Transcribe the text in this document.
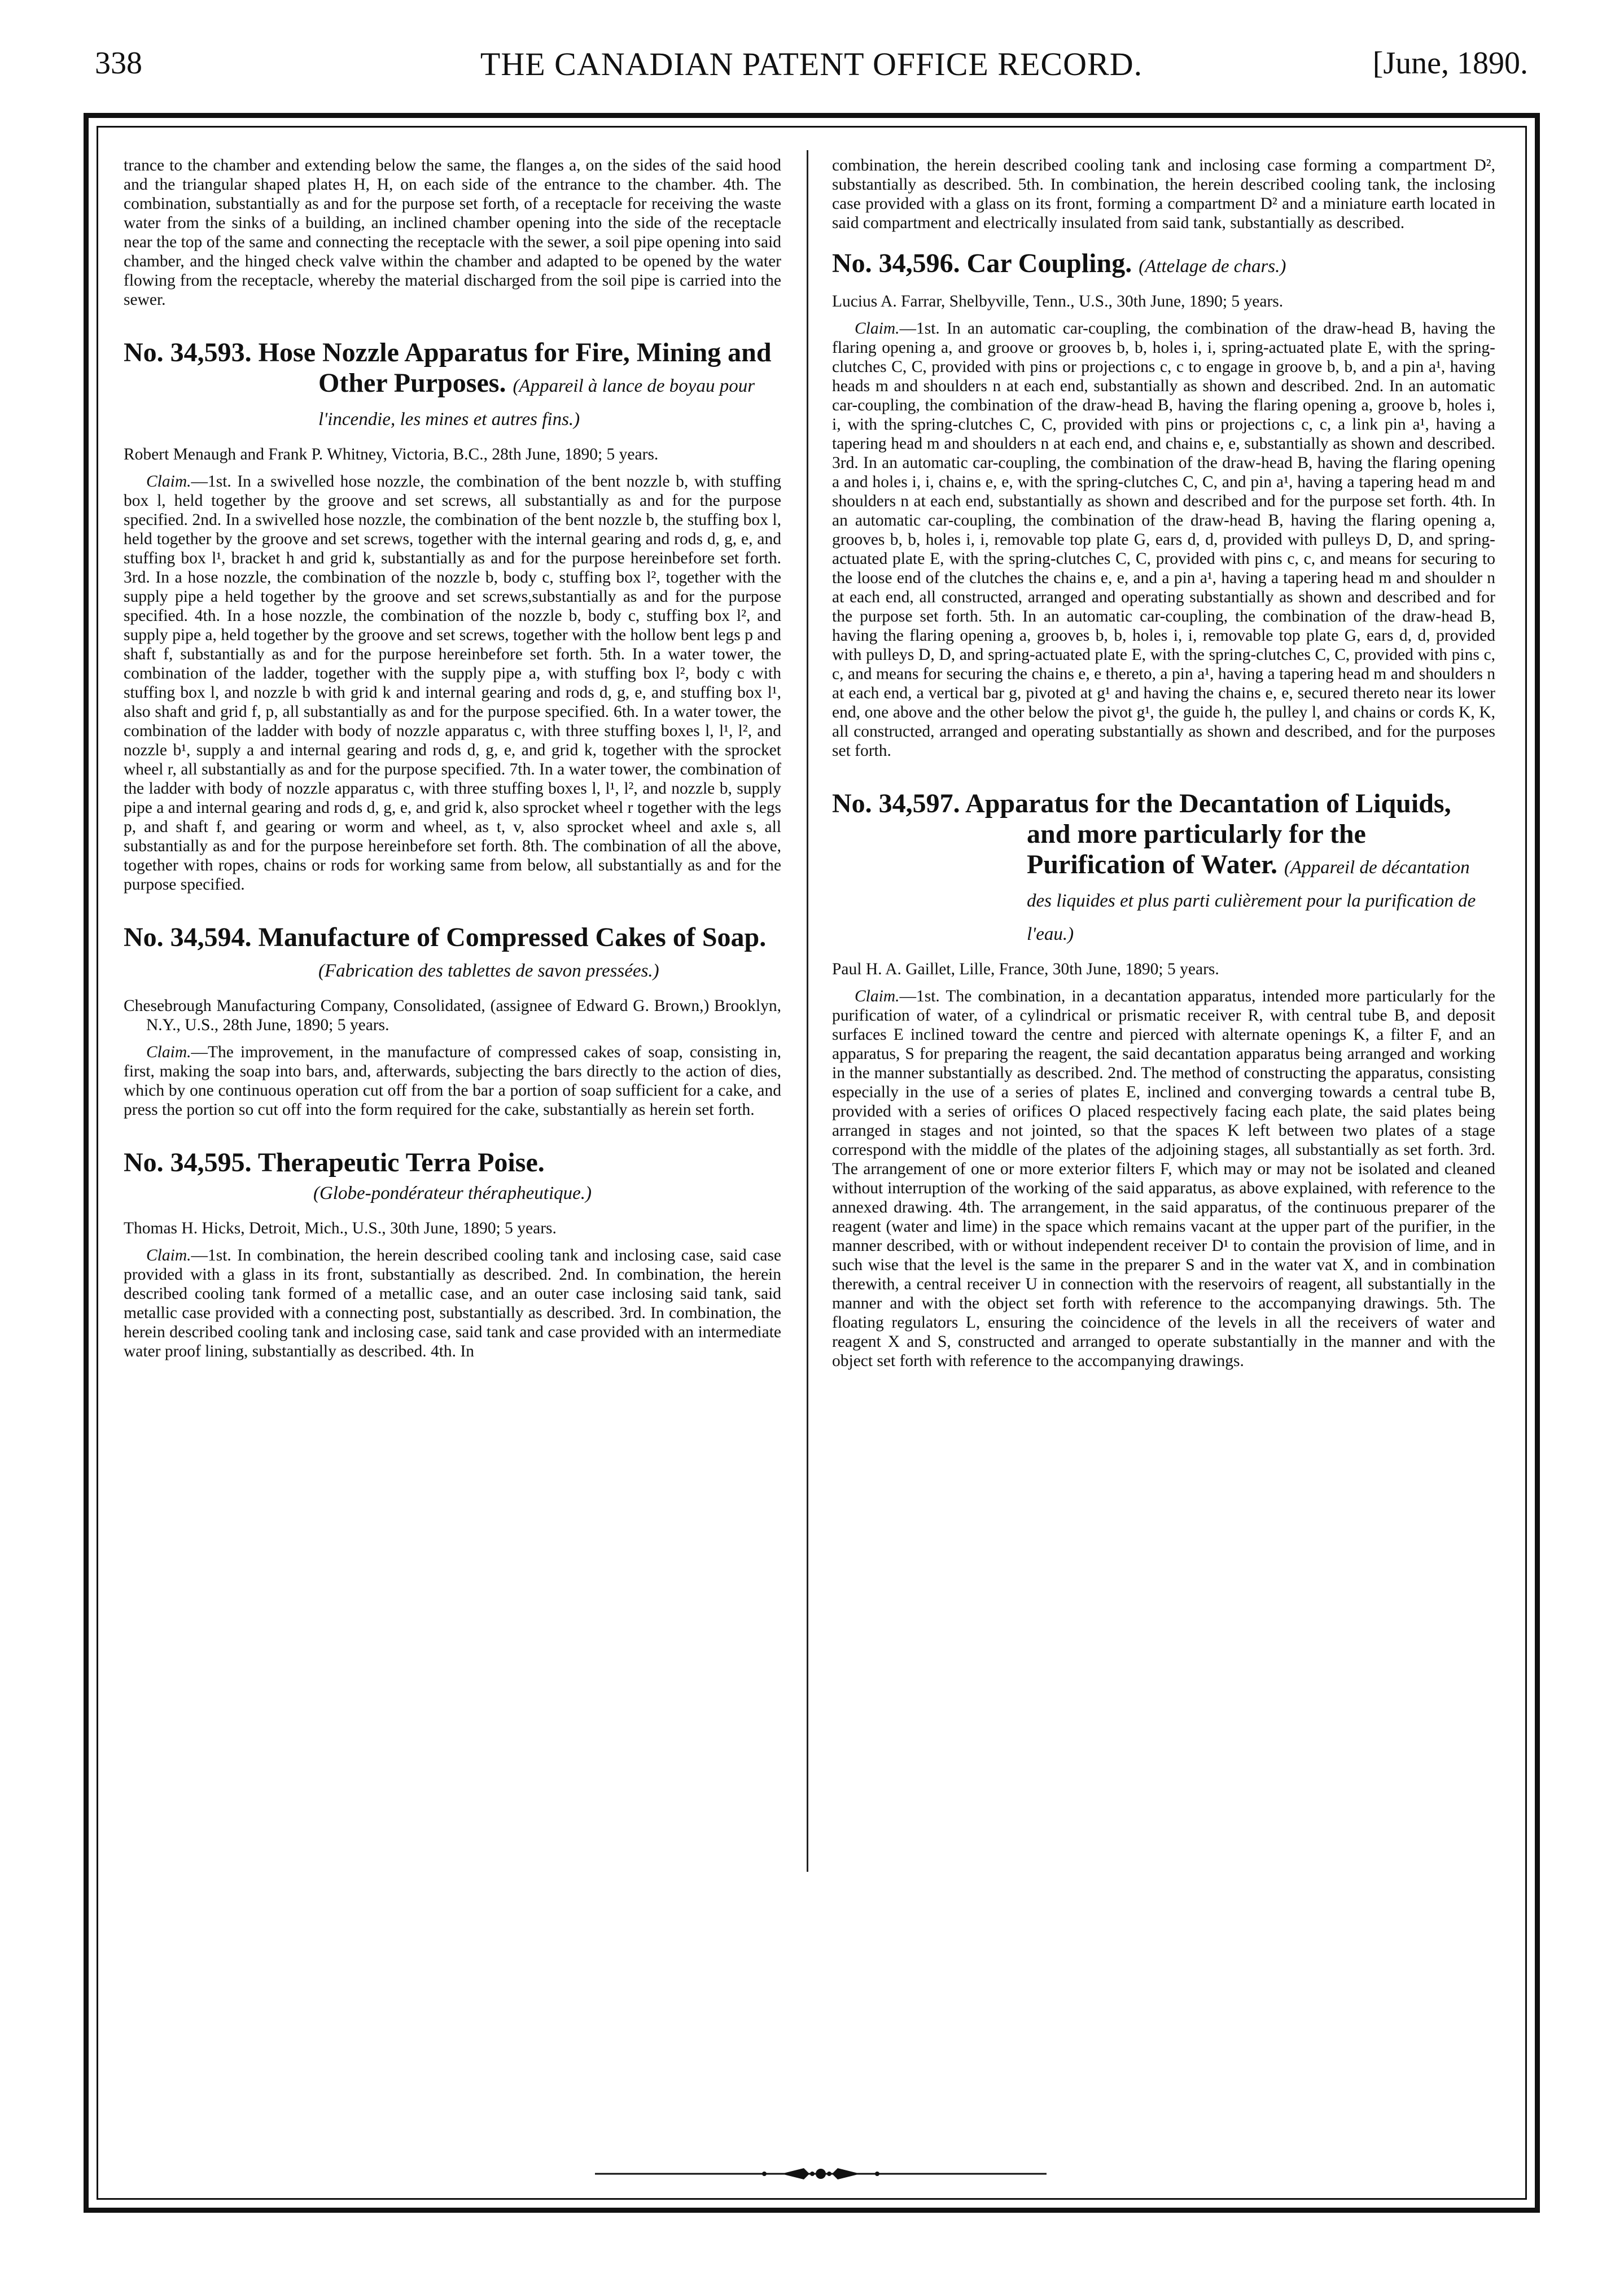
338	THE CANADIAN PATENT OFFICE RECORD.	[June, 1890.

trance to the chamber and extending below the same, the flanges a, on the sides of the said hood and the triangular shaped plates H, H, on each side of the entrance to the chamber. 4th. The combination, substantially as and for the purpose set forth, of a receptacle for receiving the waste water from the sinks of a building, an inclined chamber opening into the side of the receptacle near the top of the same and connecting the receptacle with the sewer, a soil pipe opening into said chamber, and the hinged check valve within the chamber and adapted to be opened by the water flowing from the receptacle, whereby the material discharged from the soil pipe is carried into the sewer.

No. 34,593. Hose Nozzle Apparatus for Fire, Mining and Other Purposes. (Appareil à lance de boyau pour l'incendie, les mines et autres fins.)

Robert Menaugh and Frank P. Whitney, Victoria, B.C., 28th June, 1890; 5 years.

Claim.—1st. In a swivelled hose nozzle, the combination of the bent nozzle b, with stuffing box l, held together by the groove and set screws, all substantially as and for the purpose specified. 2nd. In a swivelled hose nozzle, the combination of the bent nozzle b, the stuffing box l, held together by the groove and set screws, together with the internal gearing and rods d, g, e, and stuffing box l¹, bracket h and grid k, substantially as and for the purpose hereinbefore set forth. 3rd. In a hose nozzle, the combination of the nozzle b, body c, stuffing box l², together with the supply pipe a held together by the groove and set screws,substantially as and for the purpose specified. 4th. In a hose nozzle, the combination of the nozzle b, body c, stuffing box l², and supply pipe a, held together by the groove and set screws, together with the hollow bent legs p and shaft f, substantially as and for the purpose hereinbefore set forth. 5th. In a water tower, the combination of the ladder, together with the supply pipe a, with stuffing box l², body c with stuffing box l, and nozzle b with grid k and internal gearing and rods d, g, e, and stuffing box l¹, also shaft and grid f, p, all substantially as and for the purpose specified. 6th. In a water tower, the combination of the ladder with body of nozzle apparatus c, with three stuffing boxes l, l¹, l², and nozzle b¹, supply a and internal gearing and rods d, g, e, and grid k, together with the sprocket wheel r, all substantially as and for the purpose specified. 7th. In a water tower, the combination of the ladder with body of nozzle apparatus c, with three stuffing boxes l, l¹, l², and nozzle b, supply pipe a and internal gearing and rods d, g, e, and grid k, also sprocket wheel r together with the legs p, and shaft f, and gearing or worm and wheel, as t, v, also sprocket wheel and axle s, all substantially as and for the purpose hereinbefore set forth. 8th. The combination of all the above, together with ropes, chains or rods for working same from below, all substantially as and for the purpose specified.

No. 34,594. Manufacture of Compressed Cakes of Soap. (Fabrication des tablettes de savon pressées.)

Chesebrough Manufacturing Company, Consolidated, (assignee of Edward G. Brown,) Brooklyn, N.Y., U.S., 28th June, 1890; 5 years.

Claim.—The improvement, in the manufacture of compressed cakes of soap, consisting in, first, making the soap into bars, and, afterwards, subjecting the bars directly to the action of dies, which by one continuous operation cut off from the bar a portion of soap sufficient for a cake, and press the portion so cut off into the form required for the cake, substantially as herein set forth.

No. 34,595. Therapeutic Terra Poise.
(Globe-pondérateur thérapheutique.)

Thomas H. Hicks, Detroit, Mich., U.S., 30th June, 1890; 5 years.

Claim.—1st. In combination, the herein described cooling tank and inclosing case, said case provided with a glass in its front, substantially as described. 2nd. In combination, the herein described cooling tank formed of a metallic case, and an outer case inclosing said tank, said metallic case provided with a connecting post, substantially as described. 3rd. In combination, the herein described cooling tank and inclosing case, said tank and case provided with an intermediate water proof lining, substantially as described. 4th. In

combination, the herein described cooling tank and inclosing case forming a compartment D², substantially as described. 5th. In combination, the herein described cooling tank, the inclosing case provided with a glass on its front, forming a compartment D² and a miniature earth located in said compartment and electrically insulated from said tank, substantially as described.

No. 34,596. Car Coupling. (Attelage de chars.)

Lucius A. Farrar, Shelbyville, Tenn., U.S., 30th June, 1890; 5 years.

Claim.—1st. In an automatic car-coupling, the combination of the draw-head B, having the flaring opening a, and groove or grooves b, b, holes i, i, spring-actuated plate E, with the spring-clutches C, C, provided with pins or projections c, c to engage in groove b, b, and a pin a¹, having heads m and shoulders n at each end, substantially as shown and described. 2nd. In an automatic car-coupling, the combination of the draw-head B, having the flaring opening a, groove b, holes i, i, with the spring-clutches C, C, provided with pins or projections c, c, a link pin a¹, having a tapering head m and shoulders n at each end, and chains e, e, substantially as shown and described. 3rd. In an automatic car-coupling, the combination of the draw-head B, having the flaring opening a and holes i, i, chains e, e, with the spring-clutches C, C, and pin a¹, having a tapering head m and shoulders n at each end, substantially as shown and described and for the purpose set forth. 4th. In an automatic car-coupling, the combination of the draw-head B, having the flaring opening a, grooves b, b, holes i, i, removable top plate G, ears d, d, provided with pulleys D, D, and spring-actuated plate E, with the spring-clutches C, C, provided with pins c, c, and means for securing to the loose end of the clutches the chains e, e, and a pin a¹, having a tapering head m and shoulder n at each end, all constructed, arranged and operating substantially as shown and described and for the purpose set forth. 5th. In an automatic car-coupling, the combination of the draw-head B, having the flaring opening a, grooves b, b, holes i, i, removable top plate G, ears d, d, provided with pulleys D, D, and spring-actuated plate E, with the spring-clutches C, C, provided with pins c, c, and means for securing the chains e, e thereto, a pin a¹, having a tapering head m and shoulders n at each end, a vertical bar g, pivoted at g¹ and having the chains e, e, secured thereto near its lower end, one above and the other below the pivot g¹, the guide h, the pulley l, and chains or cords K, K, all constructed, arranged and operating substantially as shown and described, and for the purposes set forth.

No. 34,597. Apparatus for the Decantation of Liquids, and more particularly for the Purification of Water. (Appareil de décantation des liquides et plus parti culièrement pour la purification de l'eau.)

Paul H. A. Gaillet, Lille, France, 30th June, 1890; 5 years.

Claim.—1st. The combination, in a decantation apparatus, intended more particularly for the purification of water, of a cylindrical or prismatic receiver R, with central tube B, and deposit surfaces E inclined toward the centre and pierced with alternate openings K, a filter F, and an apparatus, S for preparing the reagent, the said decantation apparatus being arranged and working in the manner substantially as described. 2nd. The method of constructing the apparatus, consisting especially in the use of a series of plates E, inclined and converging towards a central tube B, provided with a series of orifices O placed respectively facing each plate, the said plates being arranged in stages and not jointed, so that the spaces K left between two plates of a stage correspond with the middle of the plates of the adjoining stages, all substantially as set forth. 3rd. The arrangement of one or more exterior filters F, which may or may not be isolated and cleaned without interruption of the working of the said apparatus, as above explained, with reference to the annexed drawing. 4th. The arrangement, in the said apparatus, of the continuous preparer of the reagent (water and lime) in the space which remains vacant at the upper part of the purifier, in the manner described, with or without independent receiver D¹ to contain the provision of lime, and in such wise that the level is the same in the preparer S and in the water vat X, and in combination therewith, a central receiver U in connection with the reservoirs of reagent, all substantially in the manner and with the object set forth with reference to the accompanying drawings. 5th. The floating regulators L, ensuring the coincidence of the levels in all the receivers of water and reagent X and S, constructed and arranged to operate substantially in the manner and with the object set forth with reference to the accompanying drawings.
